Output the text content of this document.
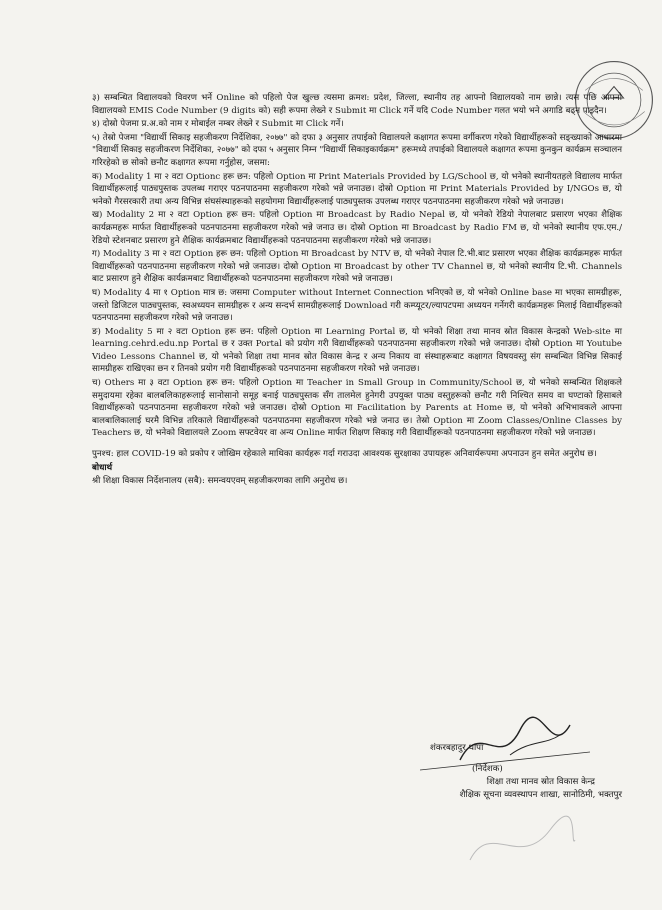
३) सम्बन्धित विद्यालयको विवरण भर्ने Online को पहिलो पेज खुल्छ त्यसमा क्रमश: प्रदेश, जिल्ला, स्थानीय तह आफ्नो विद्यालयको नाम छान्ने। त्यस पछि आफ्नो विद्यालयको EMIS Code Number (9 digits को) सही रूपमा लेख्ने र Submit मा Click गर्ने यदि Code Number गलत भयो भने अगाडि बढ्न पाइदैन।

४) दोस्रो पेजमा प्र.अ.को नाम र मोबाईल नम्बर लेख्ने र Submit मा Click गर्ने।

५) तेस्रो पेजमा "विद्यार्थी सिकाइ सहजीकरण निर्देशिका, २०७७" को दफा ३ अनुसार तपाईको विद्यालयले कक्षागत रूपमा वर्गीकरण गरेको विद्यार्थीहरूको सङ्ख्याको आधारमा "विद्यार्थी सिकाइ सहजीकरण निर्देशिका, २०७७" को दफा ५ अनुसार निम्न "विद्यार्थी सिकाइकार्यक्रम" हरूमध्ये तपाईको विद्यालयले कक्षागत रूपमा कुनकुन कार्यक्रम सञ्चालन गरिरहेको छ सोको छनौट कक्षागत रूपमा गर्नुहोस, जसमा:

क) Modality 1 मा २ वटा Optionc हरू छन: पहिलो Option मा Print Materials Provided by LG/School छ, यो भनेको स्थानीयतहले विद्यालय मार्फत विद्यार्थीहरूलाई पाठ्यपुस्तक उपलब्ध गराएर पठनपाठनमा सहजीकरण गरेको भन्ने जनाउछ। दोस्रो Option मा Print Materials Provided by I/NGOs छ, यो भनेको गैरसरकारी तथा अन्य विभिन्न संघसंस्थाहरूको सहयोगमा विद्यार्थीहरूलाई पाठ्यपुस्तक उपलब्ध गराएर पठनपाठनमा सहजीकरण गरेको भन्ने जनाउछ।

ख) Modality 2 मा २ वटा Option हरू छन: पहिलो Option मा Broadcast by Radio Nepal छ, यो भनेको रेडियो नेपालबाट प्रसारण भएका शैक्षिक कार्यक्रमहरू मार्फत विद्यार्थीहरूको पठनपाठनमा सहजीकरण गरेको भन्ने जनाउ छ। दोस्रो Option मा Broadcast by Radio FM छ, यो भनेको स्थानीय एफ.एम./रेडियो स्टेशनबाट प्रसारण हुने शैक्षिक कार्यक्रमबाट विद्यार्थीहरूको पठनपाठनमा सहजीकरण गरेको भन्ने जनाउछ।

ग) Modality 3 मा २ वटा Option हरू छन: पहिलो Option मा Broadcast by NTV छ, यो भनेको नेपाल टि.भी.बाट प्रसारण भएका शैक्षिक कार्यक्रमहरू मार्फत विद्यार्थीहरूको पठनपाठनमा सहजीकरण गरेको भन्ने जनाउछ। दोस्रो Option मा Broadcast by other TV Channel छ, यो भनेको स्थानीय टि.भी. Channels बाट प्रसारण हुने शैक्षिक कार्यक्रमबाट विद्यार्थीहरूको पठनपाठनमा सहजीकरण गरेको भन्ने जनाउछ।

घ) Modality 4 मा १ Option मात्र छ: जसमा Computer without Internet Connection भनिएको छ, यो भनेको Online base मा भएका सामग्रीहरू, जस्तो डिजिटल पाठ्यपुस्तक, स्वअध्ययन सामग्रीहरू र अन्य सन्दर्भ सामग्रीहरूलाई Download गरी कम्प्यूटर/ल्यापटपमा अध्ययन गर्नेगरी कार्यक्रमहरू मिलाई विद्यार्थीहरूको पठनपाठनमा सहजीकरण गरेको भन्ने जनाउछ।

ङ) Modality 5 मा २ वटा Option हरू छन: पहिलो Option मा Learning Portal छ, यो भनेको शिक्षा तथा मानव स्रोत विकास केन्द्रको Web-site मा learning.cehrd.edu.np Portal छ र उक्त Portal को प्रयोग गरी विद्यार्थीहरूको पठनपाठनमा सहजीकरण गरेको भन्ने जनाउछ। दोस्रो Option मा Youtube Video Lessons Channel छ, यो भनेको शिक्षा तथा मानव स्रोत विकास केन्द्र र अन्य निकाय वा संस्थाहरूबाट कक्षागत विषयवस्तु संग सम्बन्धित विभिन्न सिकाई सामग्रीहरू राखिएका छन र तिनको प्रयोग गरी विद्यार्थीहरूको पठनपाठनमा सहजीकरण गरेको भन्ने जनाउछ।

च) Others मा ३ वटा Option हरू छन: पहिलो Option मा Teacher in Small Group in Community/School छ, यो भनेको सम्बन्धित शिक्षकले समुदायमा रहेका बालबलिकाहरूलाई सानोसानो समूह बनाई पाठ्यपुस्तक सँग तालमेल हुनेगरी उपयुक्त पाठ्य वस्तुहरूको छनौट गरी निश्चित समय वा घण्टाको हिसाबले विद्यार्थीहरूको पठनपाठनमा सहजीकरण गरेको भन्ने जनाउछ। दोस्रो Option मा Facilitation by Parents at Home छ, यो भनेको अभिभावकले आफ्ना बालबालिकालाई घरमै विभिन्न तरिकाले विद्यार्थीहरूको पठनपाठनमा सहजीकरण गरेको भन्ने जनाउ छ। तेस्रो Option मा Zoom Classes/Online Classes by Teachers छ, यो भनेको विद्यालयले Zoom सफ्टवेयर वा अन्य Online मार्फत शिक्षण सिकाइ गरी विद्यार्थीहरूको पठनपाठनमा सहजीकरण गरेको भन्ने जनाउछ।

पुनश्च: हाल COVID-19 को प्रकोप र जोखिम रहेकाले माथिका कार्यहरू गर्दा गराउदा आवश्यक सुरक्षाका उपायहरू अनिवार्यरूपमा अपनाउन हुन समेत अनुरोध छ।

बोधार्थ

श्री शिक्षा विकास निर्देशनालय (सबै): समन्वयएवम् सहजीकरणका लागि अनुरोध छ।

शंकरबहादुर थापा
(निर्देशक)
शिक्षा तथा मानव स्रोत विकास केन्द्र
शैक्षिक सूचना व्यवस्थापन शाखा, सानोठिमी, भक्तपुर
